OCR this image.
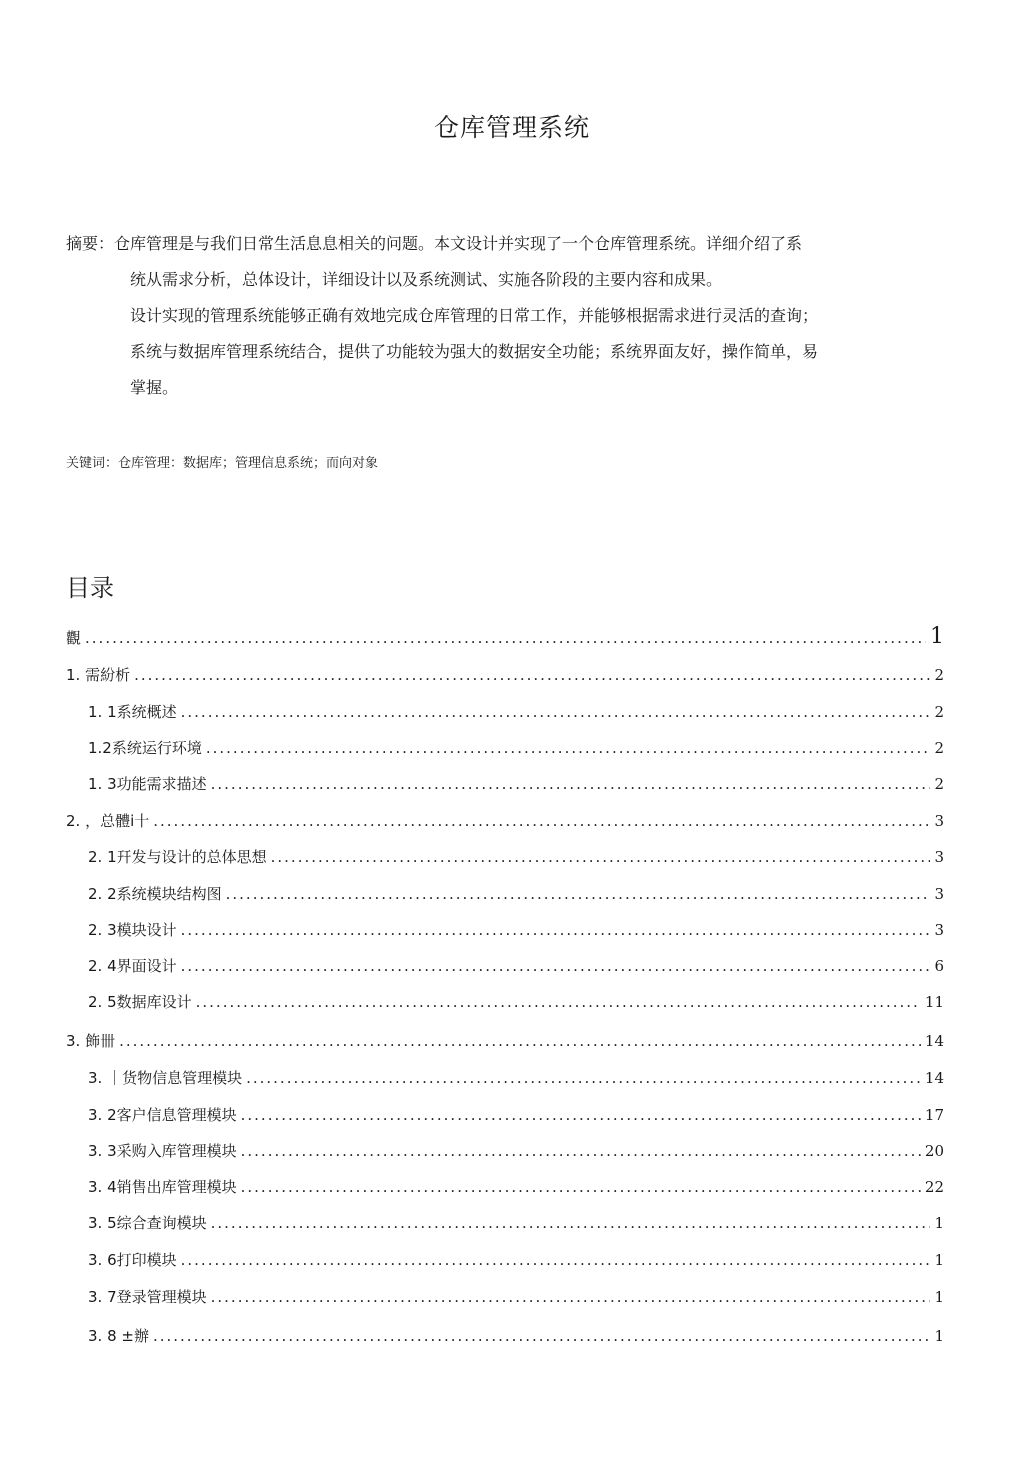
仓库管理系统
摘要：仓库管理是与我们日常生活息息相关的问题。本文设计并实现了一个仓库管理系统。详细介绍了系
统从需求分析，总体设计，详细设计以及系统测试、实施各阶段的主要内容和成果。
设计实现的管理系统能够正确有效地完成仓库管理的日常工作，并能够根据需求进行灵活的查询；
系统与数据库管理系统结合，提供了功能较为强大的数据安全功能；系统界面友好，操作简单，易
掌握。
关键词：仓库管理：数据库；管理信息系统；而向对象
目录
觀 .....	1
1. 需紛析 .....	2
1. 1系统概述 .....	2
1.2系统运行环境 .....	2
1. 3功能需求描述 .....	2
2. ，总體i十 .....	3
2. 1幵发与设计的总体思想 .....	3
2. 2系统模块结构图 .....	3
2. 3模块设计 .....	3
2. 4界面设计 .....	6
2. 5数据库设计 .....	11
3. 飾卌 .....	14
3. ｜货物信息管理模块 .....	14
3. 2客户信息管理模块 .....	17
3. 3采购入库管理模块 .....	20
3. 4销售出库管理模块 .....	22
3. 5综合查询模块 .....	1
3. 6打印模块 .....	1
3. 7登录管理模块 .....	1
3. 8 ±辦 .....	1
